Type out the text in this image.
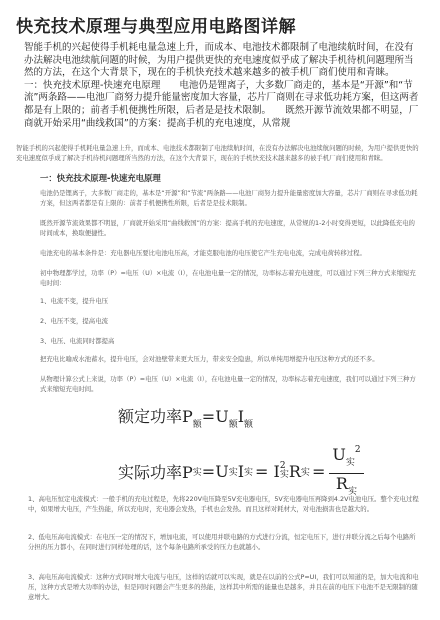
快充技术原理与典型应用电路图详解
智能手机的兴起使得手机耗电量急速上升，而成本、电池技术都限制了电池续航时间，在没有办法解决电池续航问题的时候，为用户提供更快的充电速度似乎成了解决手机待机问题理所当然的方法，在这个大背景下，现在的手机快充技术越来越多的被手机厂商们使用和青睐。　　一：快充技术原理-快速充电原理　　电池仍是锂离子，大多数厂商走的，基本是“开源”和“节流”两条路——电池厂商努力提升能量密度加大容量，芯片厂商则在寻求低功耗方案，但这两者都是有上限的；前者手机便携性所限，后者是是技术限制。　　既然开源节流效果都不明显，厂商就开始采用“曲线救国”的方案：提高手机的充电速度，从常规
智能手机的兴起使得手机耗电量急速上升，而成本、电池技术都限制了电池续航时间，在没有办法解决电池续航问题的时候，为用户提供更快的充电速度似乎成了解决手机待机问题理所当然的方法，在这个大背景下，现在的手机快充技术越来越多的被手机厂商们使用和青睐。
一：快充技术原理-快速充电原理
电池仍是锂离子，大多数厂商走的，基本是“开源”和“节流”两条路——电池厂商努力提升能量密度加大容量，芯片厂商则在寻求低功耗方案，但这两者都是有上限的：前者手机便携性所限，后者是是技术限制。
既然开源节流效果都不明显，厂商就开始采用“曲线救国”的方案：提高手机的充电速度，从常规的1-2小时变得更短，以此降低充电的时间成本，换取便捷性。
电池充电的基本条件是：充电器电压要比电池电压高，才能克服电池的电压使它产生充电电流，完成电荷转移过程。
初中物理都学过，功率（P）=电压（U）×电流（I），在电池电量一定的情况，功率标志着充电速度，可以通过下列三种方式来缩短充电时间：
1、电流不变，提升电压
2、电压不变，提高电流
3、电压、电流同时都提高
把充电比喻成水池蓄水，提升电压，会对池壁带来更大压力，带来安全隐患，所以单纯用增提升电压这种方式的还不多。
从物理计算公式上来说，功率（P）=电压（U）×电流（I），在电池电量一定的情况，功率标志着充电速度，我们可以通过下列三种方式来缩短充电时间。
额定功率$P_额=U_额I_额$
实际功率P 实 =U 实 I 实 = I 2
实 R 实 = $\frac{U_实^2}{R_实}$
1、高电压恒定电流模式：一般手机的充电过程是，先将220V电压降至5V充电器电压，5V充电器电压再降到4.2V电池电压。整个充电过程中，如果增大电压，产生热能，所以充电时，充电器会发热，手机也会发热。而且这样对耗材大，对电池损害也是越大的。
2、低电压高电流模式：在电压一定的情况下，增加电流，可以使用并联电路的方式进行分流，恒定电压下，进行并联分流之后每个电路所分担的压力都小，在同时进行同样处理的话，这个每条电路所承受的压力也就越小。
3、高电压高电流模式：这种方式同时增大电流与电压，这样的话就可以实现，就是在以前的公式P=UI，我们可以知道的是，加大电流和电压，这种方式是增大功率的办法，但是同时问题会产生更多的热能，这样其中所需的能量也是越多，并且在前的电压下电池不是无限制的随意增大。
